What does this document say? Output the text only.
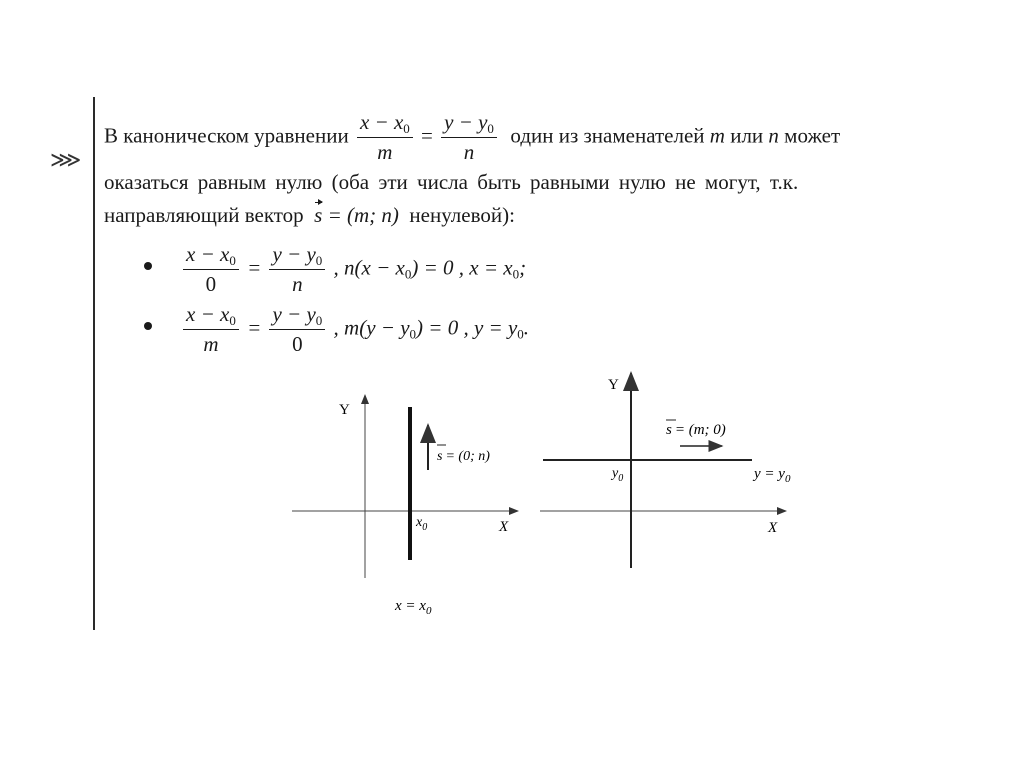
⋙
В каноническом уравнении $\frac{x - x_0}{m} = \frac{y - y_0}{n}$ один из знаменателей m или n может
оказаться равным нулю (оба эти числа быть равными нулю не могут, т.к.
направляющий вектор s = (m; n) ненулевой):
$\frac{x - x_0}{0} = \frac{y - y_0}{n}$ , $n(x - x_0) = 0$ , $x = x_0$;
$\frac{x - x_0}{m} = \frac{y - y_0}{0}$ , $m(y - y_0) = 0$ , $y = y_0$.
Y
X
$x_0$
s = (0; n)
$x = x_0$
Y
X
$y_0$
s = (m; 0)
$y = y_0$
